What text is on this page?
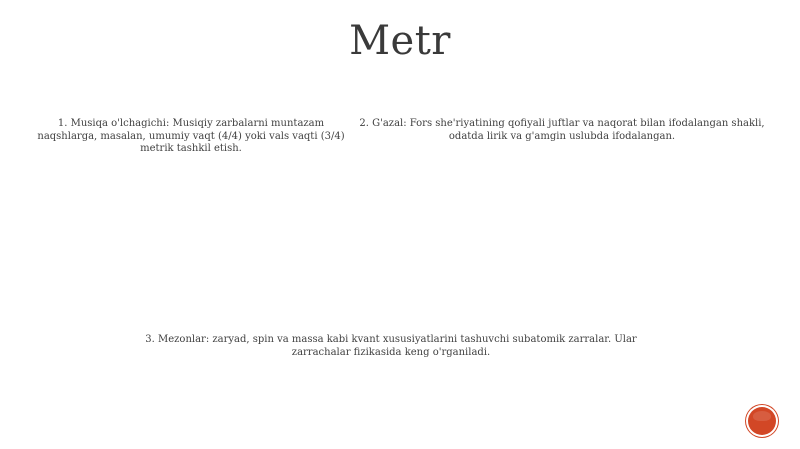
Metr
1. Musiqa o'lchagichi: Musiqiy zarbalarni muntazam naqshlarga, masalan, umumiy vaqt (4/4) yoki vals vaqti (3/4) metrik tashkil etish.
2. G'azal: Fors she'riyatining qofiyali juftlar va naqorat bilan ifodalangan shakli, odatda lirik va g'amgin uslubda ifodalangan.
3. Mezonlar: zaryad, spin va massa kabi kvant xususiyatlarini tashuvchi subatomik zarralar. Ular zarrachalar fizikasida keng o'rganiladi.
